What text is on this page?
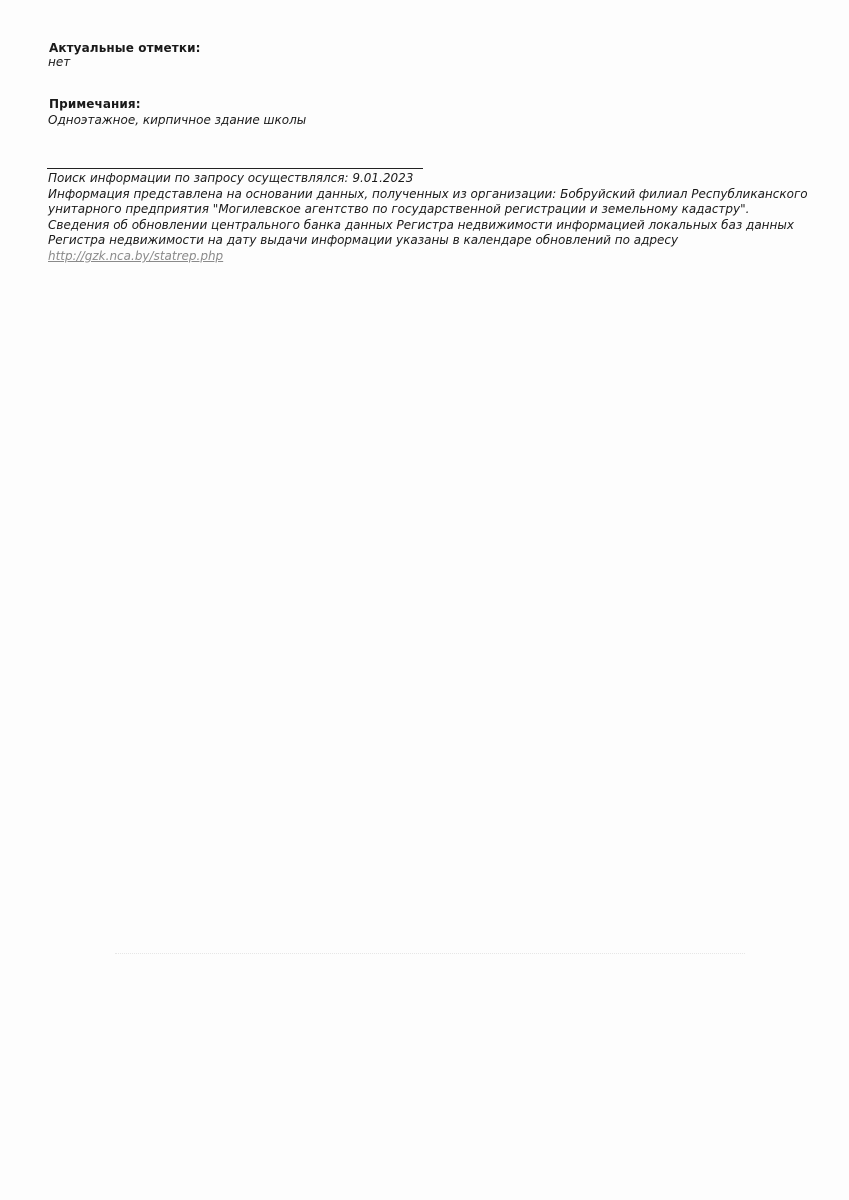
Актуальные отметки:
нет
Примечания:
Одноэтажное, кирпичное здание школы
Поиск информации по запросу осуществлялся: 9.01.2023
Информация представлена на основании данных, полученных из организации: Бобруйский филиал Республиканского
унитарного предприятия "Могилевское агентство по государственной регистрации и земельному кадастру".
Сведения об обновлении центрального банка данных Регистра недвижимости информацией локальных баз данных
Регистра недвижимости на дату выдачи информации указаны в календаре обновлений по адресу
http://gzk.nca.by/statrep.php
